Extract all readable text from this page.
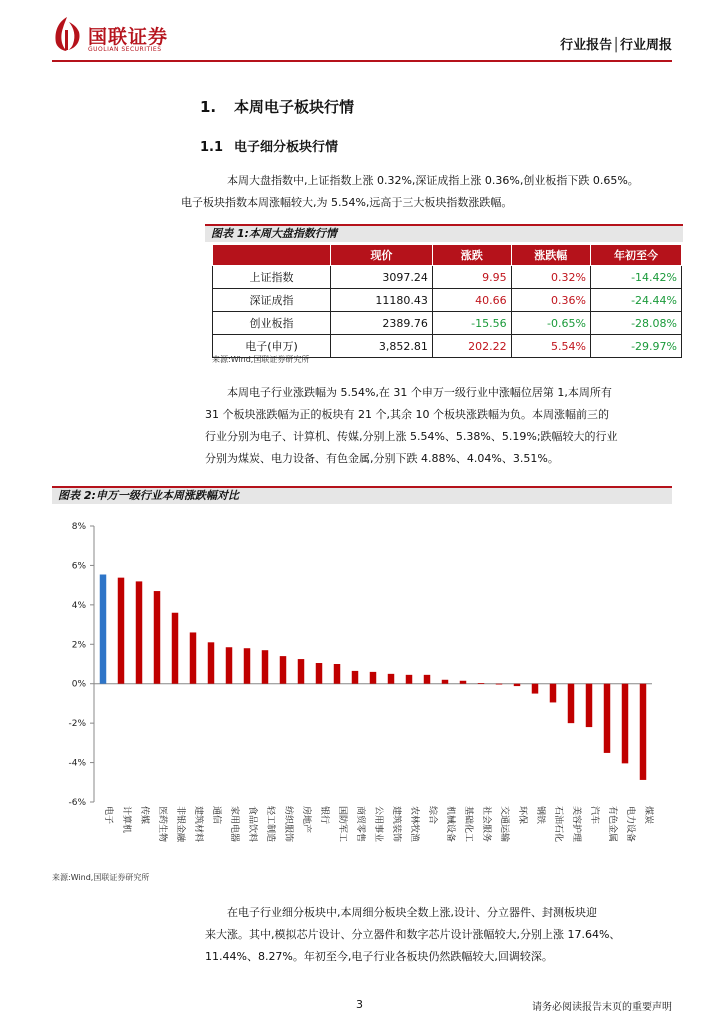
国联证券
GUOLIAN SECURITIES	行业报告│行业周报
1. 本周电子板块行情
1.1 电子细分板块行情
本周大盘指数中,上证指数上涨 0.32%,深证成指上涨 0.36%,创业板指下跌 0.65%。
电子板块指数本周涨幅较大,为 5.54%,远高于三大板块指数涨跌幅。
图表 1:本周大盘指数行情
	现价	涨跌	涨跌幅	年初至今
上证指数	3097.24	9.95	0.32%	-14.42%
深证成指	11180.43	40.66	0.36%	-24.44%
创业板指	2389.76	-15.56	-0.65%	-28.08%
电子(申万)	3,852.81	202.22	5.54%	-29.97%
来源:Wind,国联证券研究所
本周电子行业涨跌幅为 5.54%,在 31 个申万一级行业中涨幅位居第 1,本周所有
31 个板块涨跌幅为正的板块有 21 个,其余 10 个板块涨跌幅为负。本周涨幅前三的
行业分别为电子、计算机、传媒,分别上涨 5.54%、5.38%、5.19%;跌幅较大的行业
分别为煤炭、电力设备、有色金属,分别下跌 4.88%、4.04%、3.51%。
图表 2:申万一级行业本周涨跌幅对比
-6%
-4%
-2%
0%
2%
4%
6%
8%
电子 计算机 传媒 医药生物 非银金融 建筑材料 通信 家用电器 食品饮料 轻工制造 纺织服饰 房地产 银行 国防军工 商贸零售 公用事业 建筑装饰 农林牧渔 综合 机械设备 基础化工 社会服务 交通运输 环保 钢铁 石油石化 美容护理 汽车 有色金属 电力设备 煤炭
来源:Wind,国联证券研究所
在电子行业细分板块中,本周细分板块全数上涨,设计、分立器件、封测板块迎
来大涨。其中,模拟芯片设计、分立器件和数字芯片设计涨幅较大,分别上涨 17.64%、
11.44%、8.27%。年初至今,电子行业各板块仍然跌幅较大,回调较深。
3	请务必阅读报告末页的重要声明
